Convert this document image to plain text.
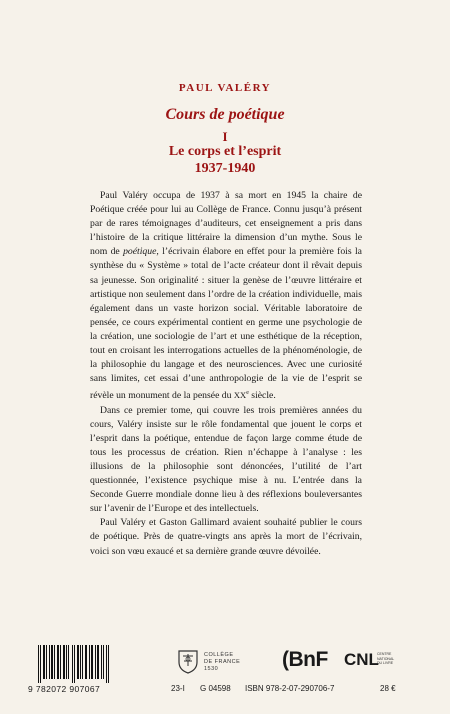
PAUL VALÉRY
Cours de poétique
I
Le corps et l’esprit
1937-1940

Paul Valéry occupa de 1937 à sa mort en 1945 la chaire de Poétique créée pour lui au Collège de France. Connu jusqu’à présent par de rares témoignages d’auditeurs, cet enseignement a pris dans l’histoire de la critique littéraire la dimension d’un mythe. Sous le nom de poétique, l’écrivain élabore en effet pour la première fois la synthèse du « Système » total de l’acte créateur dont il rêvait depuis sa jeunesse. Son originalité : situer la genèse de l’œuvre littéraire et artistique non seulement dans l’ordre de la création individuelle, mais également dans un vaste horizon social. Véritable laboratoire de pensée, ce cours expérimental contient en germe une psychologie de la création, une sociologie de l’art et une esthétique de la réception, tout en croisant les interrogations actuelles de la phénoménologie, de la philosophie du langage et des neurosciences. Avec une curiosité sans limites, cet essai d’une anthropologie de la vie de l’esprit se révèle un monument de la pensée du XXe siècle.

Dans ce premier tome, qui couvre les trois premières années du cours, Valéry insiste sur le rôle fondamental que jouent le corps et l’esprit dans la poétique, entendue de façon large comme étude de tous les processus de création. Rien n’échappe à l’analyse : les illusions de la philosophie sont dénoncées, l’utilité de l’art questionnée, l’existence psychique mise à nu. L’entrée dans la Seconde Guerre mondiale donne lieu à des réflexions bouleversantes sur l’avenir de l’Europe et des intellectuels.

Paul Valéry et Gaston Gallimard avaient souhaité publier le cours de poétique. Près de quatre-vingts ans après la mort de l’écrivain, voici son vœu exaucé et sa dernière grande œuvre dévoilée.

9 782072 907067
COLLÈGE
DE FRANCE
1530	(BnF CNL
CENTRE NATIONAL DU LIVRE
23-I G 04598 ISBN 978-2-07-290706-7	28 €
